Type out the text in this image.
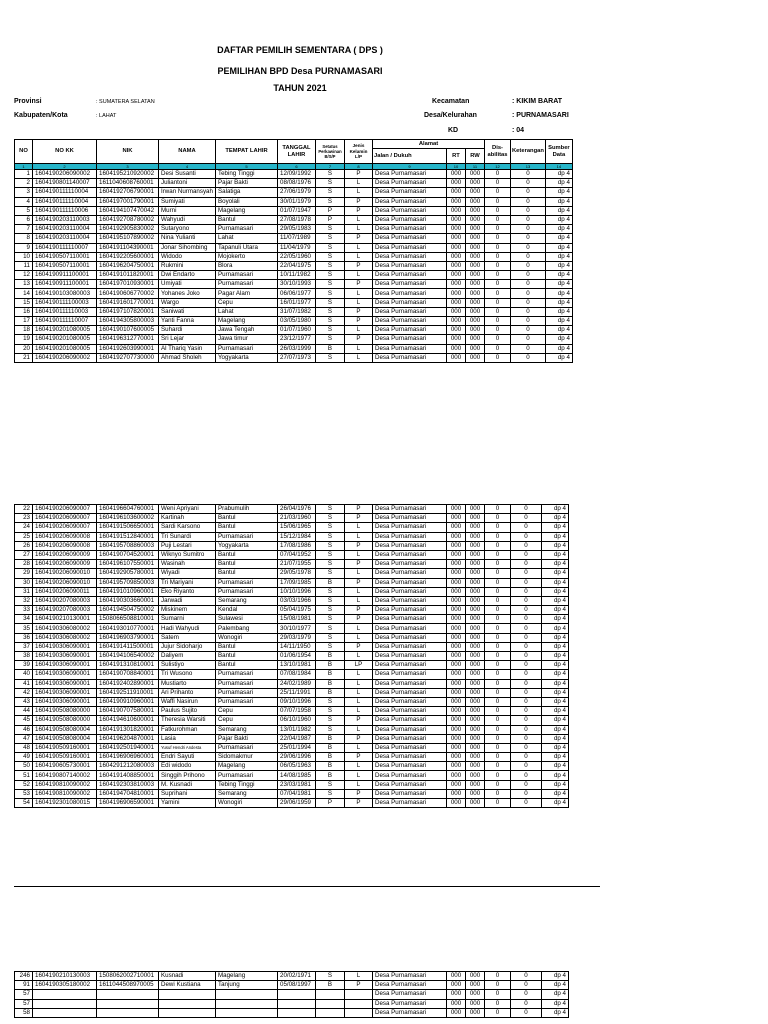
DAFTAR PEMILIH SEMENTARA ( DPS )
PEMILIHAN BPD Desa PURNAMASARI
TAHUN 2021
Provinsi	: SUMATERA SELATAN
Kabupaten/Kota	: LAHAT
Kecamatan	: KIKIM BARAT
Desa/Kelurahan	: PURNAMASARI
KD	: 04
NO	NO KK	NIK	NAMA	TEMPAT LAHIR	TANGGAL LAHIR	Setatus Perkawinan B/S/P	Jenis Kelamin L/P	Alamat			Dis-abilitas	Keterangan	Sumber Data
								Jalan / Dukuh	RT	RW			
1	2	3	4	5	6	7	8	9	10	11	12	13	14
1	1604190206090002	1604195210920002	Desi Susanti	Tebing Tinggi	12/09/1992	S	P	Desa Purnamasari	000	000	0	0	dp 4
2	1604190801140007	1611040608760001	Juliantoni	Pajar Bakti	08/08/1976	S	L	Desa Purnamasari	000	000	0	0	dp 4
3	1604190111110004	1604192706790001	Irwan Nurmansyah	Salatiga	27/06/1979	S	L	Desa Purnamasari	000	000	0	0	dp 4
4	1604190111110004	1604197001790001	Sumiyati	Boyolali	30/01/1979	S	P	Desa Purnamasari	000	000	0	0	dp 4
5	1604190111110006	1604194107470042	Murni	Magelang	01/07/1947	P	P	Desa Purnamasari	000	000	0	0	dp 4
6	1604190203110003	1604192708780002	Wahyudi	Bantul	27/08/1978	P	L	Desa Purnamasari	000	000	0	0	dp 4
7	1604190203110004	1604192905830002	Sutaryono	Purnamasari	29/05/1983	S	L	Desa Purnamasari	000	000	0	0	dp 4
8	1604190203110004	1604195107890002	Nina Yulianti	Lahat	11/07/1989	S	P	Desa Purnamasari	000	000	0	0	dp 4
9	1604190111110007	1604191104390001	Jonar Sihombing	Tapanuli Utara	11/04/1979	S	L	Desa Purnamasari	000	000	0	0	dp 4
10	1604190507110001	1604192205600001	Widodo	Mojokerto	22/05/1960	S	L	Desa Purnamasari	000	000	0	0	dp 4
11	1604190507110001	1604196204750001	Rukmini	Blora	22/04/1975	S	P	Desa Purnamasari	000	000	0	0	dp 4
12	1604190911100001	1604191011820001	Dwi Endarto	Purnamasari	10/11/1982	S	L	Desa Purnamasari	000	000	0	0	dp 4
13	1604190911100001	1604197010930001	Umiyati	Purnamasari	30/10/1993	S	P	Desa Purnamasari	000	000	0	0	dp 4
14	1604190103080003	1604190606770002	Yohanes Joko	Pagar Alam	06/06/1977	S	L	Desa Purnamasari	000	000	0	0	dp 4
15	1604190111100003	1604191601770001	Wargo	Cepu	16/01/1977	S	L	Desa Purnamasari	000	000	0	0	dp 4
16	1604190111110003	1604197107820001	Saniwati	Lahat	31/07/1982	S	P	Desa Purnamasari	000	000	0	0	dp 4
17	1604190111110007	1604194305800003	Yanti Fanna	Magelang	03/05/1980	S	P	Desa Purnamasari	000	000	0	0	dp 4
18	1604190201080005	1604190107600005	Suhardi	Jawa Tengah	01/07/1960	S	L	Desa Purnamasari	000	000	0	0	dp 4
19	1604190201080005	1604196312770001	Sri Lejar	Jawa timur	23/12/1977	S	P	Desa Purnamasari	000	000	0	0	dp 4
20	1604190201080005	1604192603990001	Al Thariq Yasin	Purnamasari	26/03/1999	B	L	Desa Purnamasari	000	000	0	0	dp 4
21	1604190206090002	1604192707730000	Ahmad Sholeh	Yogyakarta	27/07/1973	S	L	Desa Purnamasari	000	000	0	0	dp 4
22	1604190206090007	1604196604760001	Weni Apriyani	Prabumulih	26/04/1976	S	P	Desa Purnamasari	000	000	0	0	dp 4
23	1604190206090007	1604196103600002	Kartinah	Bantul	21/03/1960	S	P	Desa Purnamasari	000	000	0	0	dp 4
24	1604190206090007	1604191506650001	Sardi Karsono	Bantul	15/06/1965	S	L	Desa Purnamasari	000	000	0	0	dp 4
25	1604190206090008	1604191512840001	Tri Sunardi	Purnamasari	15/12/1984	S	L	Desa Purnamasari	000	000	0	0	dp 4
26	1604190206090008	1604195708860003	Puji Lestari	Yogyakarta	17/08/1986	S	P	Desa Purnamasari	000	000	0	0	dp 4
27	1604190206090009	1604190704520001	Wiknyo Sumitro	Bantul	07/04/1952	S	L	Desa Purnamasari	000	000	0	0	dp 4
28	1604190206090009	1604196107550001	Wasinah	Bantul	21/07/1955	S	P	Desa Purnamasari	000	000	0	0	dp 4
29	1604190206090010	1604192905780001	Wiyadi	Bantul	29/05/1978	S	L	Desa Purnamasari	000	000	0	0	dp 4
30	1604190206090010	1604195709850003	Tri Mariyani	Purnamasari	17/09/1985	B	P	Desa Purnamasari	000	000	0	0	dp 4
31	1604190206090011	1604191010960001	Eko Riyanto	Purnamasari	10/10/1996	S	L	Desa Purnamasari	000	000	0	0	dp 4
32	1604190207080003	1604190303660001	Jarwadi	Semarang	03/03/1966	S	L	Desa Purnamasari	000	000	0	0	dp 4
33	1604190207080003	1604194504750002	Miskinem	Kendal	05/04/1975	S	P	Desa Purnamasari	000	000	0	0	dp 4
34	1604190210130001	1508066508810001	Sumarni	Sulawesi	15/08/1981	S	P	Desa Purnamasari	000	000	0	0	dp 4
35	1604190306080002	1604193010770001	Hadi Wahyudi	Palembang	30/10/1977	S	L	Desa Purnamasari	000	000	0	0	dp 4
36	1604190306080002	1604196903790001	Satem	Wonogiri	29/03/1979	S	L	Desa Purnamasari	000	000	0	0	dp 4
37	1604190306090001	1604191411500001	Jujur Sidoharjo	Bantul	14/11/1950	S	P	Desa Purnamasari	000	000	0	0	dp 4
38	1604190306090001	1604194106540002	Daliyem	Bantul	01/06/1954	B	L	Desa Purnamasari	000	000	0	0	dp 4
39	1604190306090001	1604191310810001	Sulistiyo	Bantul	13/10/1981	B	LP	Desa Purnamasari	000	000	0	0	dp 4
40	1604190306090001	1604190708840001	Tri Wusono	Purnamasari	07/08/1984	B	L	Desa Purnamasari	000	000	0	0	dp 4
41	1604190306090001	1604192402890001	Mustiarto	Purnamasari	24/02/1989	B	L	Desa Purnamasari	000	000	0	0	dp 4
42	1604190306090001	1604192511910001	Ari Prihanto	Purnamasari	25/11/1991	B	L	Desa Purnamasari	000	000	0	0	dp 4
43	1604190306090001	1604190910960001	Waffi Nasirun	Purnamasari	09/10/1996	S	L	Desa Purnamasari	000	000	0	0	dp 4
44	1604190508080000	1604190707580001	Paulus Sujito	Cepu	07/07/1958	S	L	Desa Purnamasari	000	000	0	0	dp 4
45	1604190508080000	1604194610600001	Theresia Warsiti	Cepu	06/10/1960	S	P	Desa Purnamasari	000	000	0	0	dp 4
46	1604190508080004	1604191301820001	Fatkurohman	Semarang	13/01/1982	S	L	Desa Purnamasari	000	000	0	0	dp 4
47	1604190508080004	1604196204870001	Lasia	Pajar Bakti	22/04/1987	B	P	Desa Purnamasari	000	000	0	0	dp 4
48	1604190509160001	1604192501940001	Yusuf Hendri Andesta	Purnamasari	25/01/1994	B	L	Desa Purnamasari	000	000	0	0	dp 4
49	1604190509160001	1604196906960001	Endri Sayuti	Sidomakmur	29/06/1996	B	P	Desa Purnamasari	000	000	0	0	dp 4
50	1604190605730001	1604291212080003	Edi widodo	Magelang	06/05/1963	B	L	Desa Purnamasari	000	000	0	0	dp 4
51	1604190807140002	1604191408850001	Singgih Prihono	Purnamasari	14/08/1985	B	L	Desa Purnamasari	000	000	0	0	dp 4
52	1604190810090002	1604192303810003	M. Kusnadi	Tebing Tinggi	23/03/1981	S	L	Desa Purnamasari	000	000	0	0	dp 4
53	1604190810090002	1604194704810001	Suprihani	Semarang	07/04/1981	S	P	Desa Purnamasari	000	000	0	0	dp 4
54	1604192301080015	1604196906590001	Yamini	Wonogiri	29/06/1959	P	P	Desa Purnamasari	000	000	0	0	dp 4
246	1604190210130003	1508062002710001	Kusnadi	Magelang	20/02/1971	S	L	Desa Purnamasari	000	000	0	0	dp 4
91	1604190305180002	1611044508970005	Dewi Kustiana	Tanjung	05/08/1997	B	P	Desa Purnamasari	000	000	0	0	dp 4
57								Desa Purnamasari	000	000	0	0	dp 4
57								Desa Purnamasari	000	000	0	0	dp 4
58								Desa Purnamasari	000	000	0	0	dp 4
